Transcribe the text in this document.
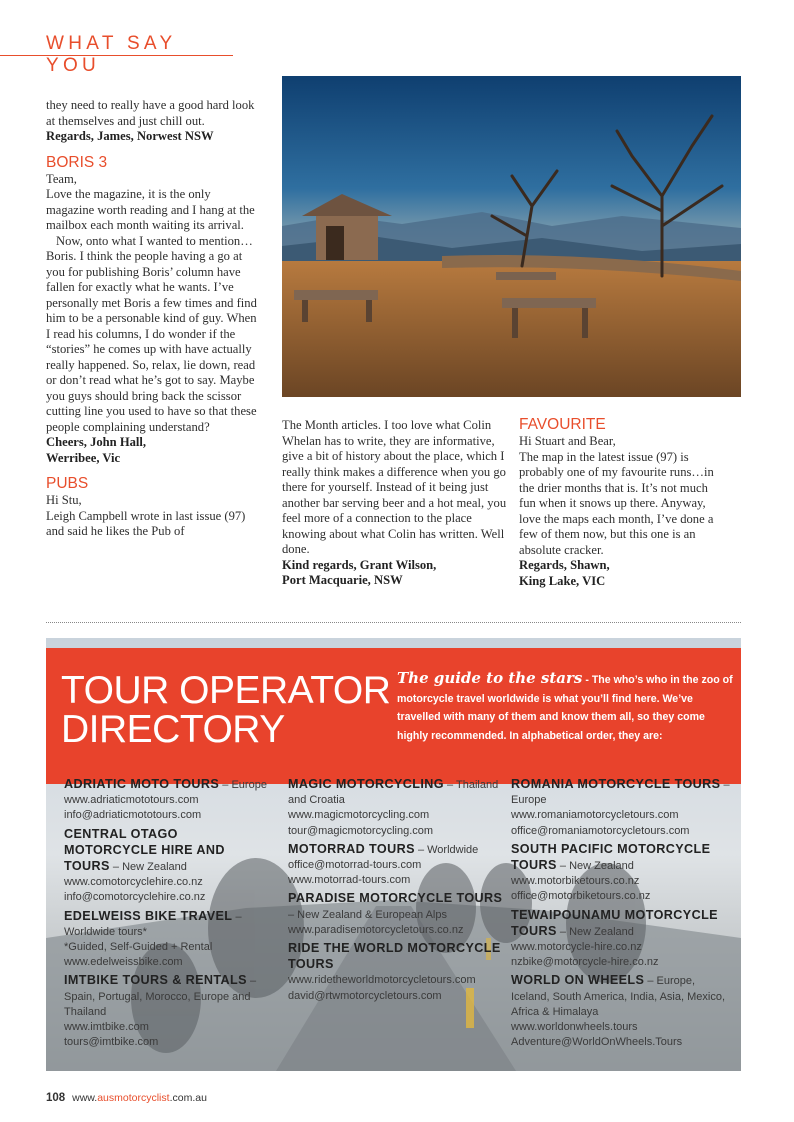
WHAT SAY YOU

they need to really have a good hard look at themselves and just chill out.

Regards, James, Norwest NSW

BORIS 3

Team,

Love the magazine, it is the only magazine worth reading and I hang at the mailbox each month waiting its arrival.

Now, onto what I wanted to mention…Boris. I think the people having a go at you for publishing Boris’ column have fallen for exactly what he wants. I’ve personally met Boris a few times and find him to be a personable kind of guy. When I read his columns, I do wonder if the “stories” he comes up with have actually really happened. So, relax, lie down, read or don’t read what he’s got to say. Maybe you guys should bring back the scissor cutting line you used to have so that these people complaining understand?

Cheers, John Hall,

Werribee, Vic

PUBS

Hi Stu,

Leigh Campbell wrote in last issue (97) and said he likes the Pub of

The Month articles. I too love what Colin Whelan has to write, they are informative, give a bit of history about the place, which I really think makes a difference when you go there for yourself. Instead of it being just another bar serving beer and a hot meal, you feel more of a connection to the place knowing about what Colin has written. Well done.

Kind regards, Grant Wilson,

Port Macquarie, NSW

FAVOURITE

Hi Stuart and Bear,

The map in the latest issue (97) is probably one of my favourite runs…in the drier months that is. It’s not much fun when it snows up there. Anyway, love the maps each month, I’ve done a few of them now, but this one is an absolute cracker.

Regards, Shawn,

King Lake, VIC

TOUR OPERATOR
DIRECTORY
The guide to the stars - The who’s who in the zoo of motorcycle travel worldwide is what you’ll find here. We’ve travelled with many of them and know them all, so they come highly recommended. In alphabetical order, they are:
ADRIATIC MOTO TOURS – Europe
www.adriaticmototours.com
info@adriaticmototours.com
CENTRAL OTAGO MOTORCYCLE HIRE AND TOURS – New Zealand
www.comotorcyclehire.co.nz
info@comotorcyclehire.co.nz
EDELWEISS BIKE TRAVEL – Worldwide tours*
*Guided, Self-Guided + Rental
www.edelweissbike.com
IMTBIKE TOURS & RENTALS – Spain, Portugal, Morocco, Europe and Thailand
www.imtbike.com
tours@imtbike.com
MAGIC MOTORCYCLING – Thailand and Croatia
www.magicmotorcycling.com
tour@magicmotorcycling.com
MOTORRAD TOURS – Worldwide
office@motorrad-tours.com
www.motorrad-tours.com
PARADISE MOTORCYCLE TOURS – New Zealand & European Alps
www.paradisemotorcycletours.co.nz
RIDE THE WORLD MOTORCYCLE TOURS
www.ridetheworldmotorcycletours.com
david@rtwmotorcycletours.com
ROMANIA MOTORCYCLE TOURS – Europe
www.romaniamotorcycletours.com
office@romaniamotorcycletours.com
SOUTH PACIFIC MOTORCYCLE TOURS – New Zealand
www.motorbiketours.co.nz
office@motorbiketours.co.nz
TEWAIPOUNAMU MOTORCYCLE TOURS – New Zealand
www.motorcycle-hire.co.nz
nzbike@motorcycle-hire.co.nz
WORLD ON WHEELS – Europe, Iceland, South America, India, Asia, Mexico, Africa & Himalaya
www.worldonwheels.tours
Adventure@WorldOnWheels.Tours
108 www.ausmotorcyclist.com.au
